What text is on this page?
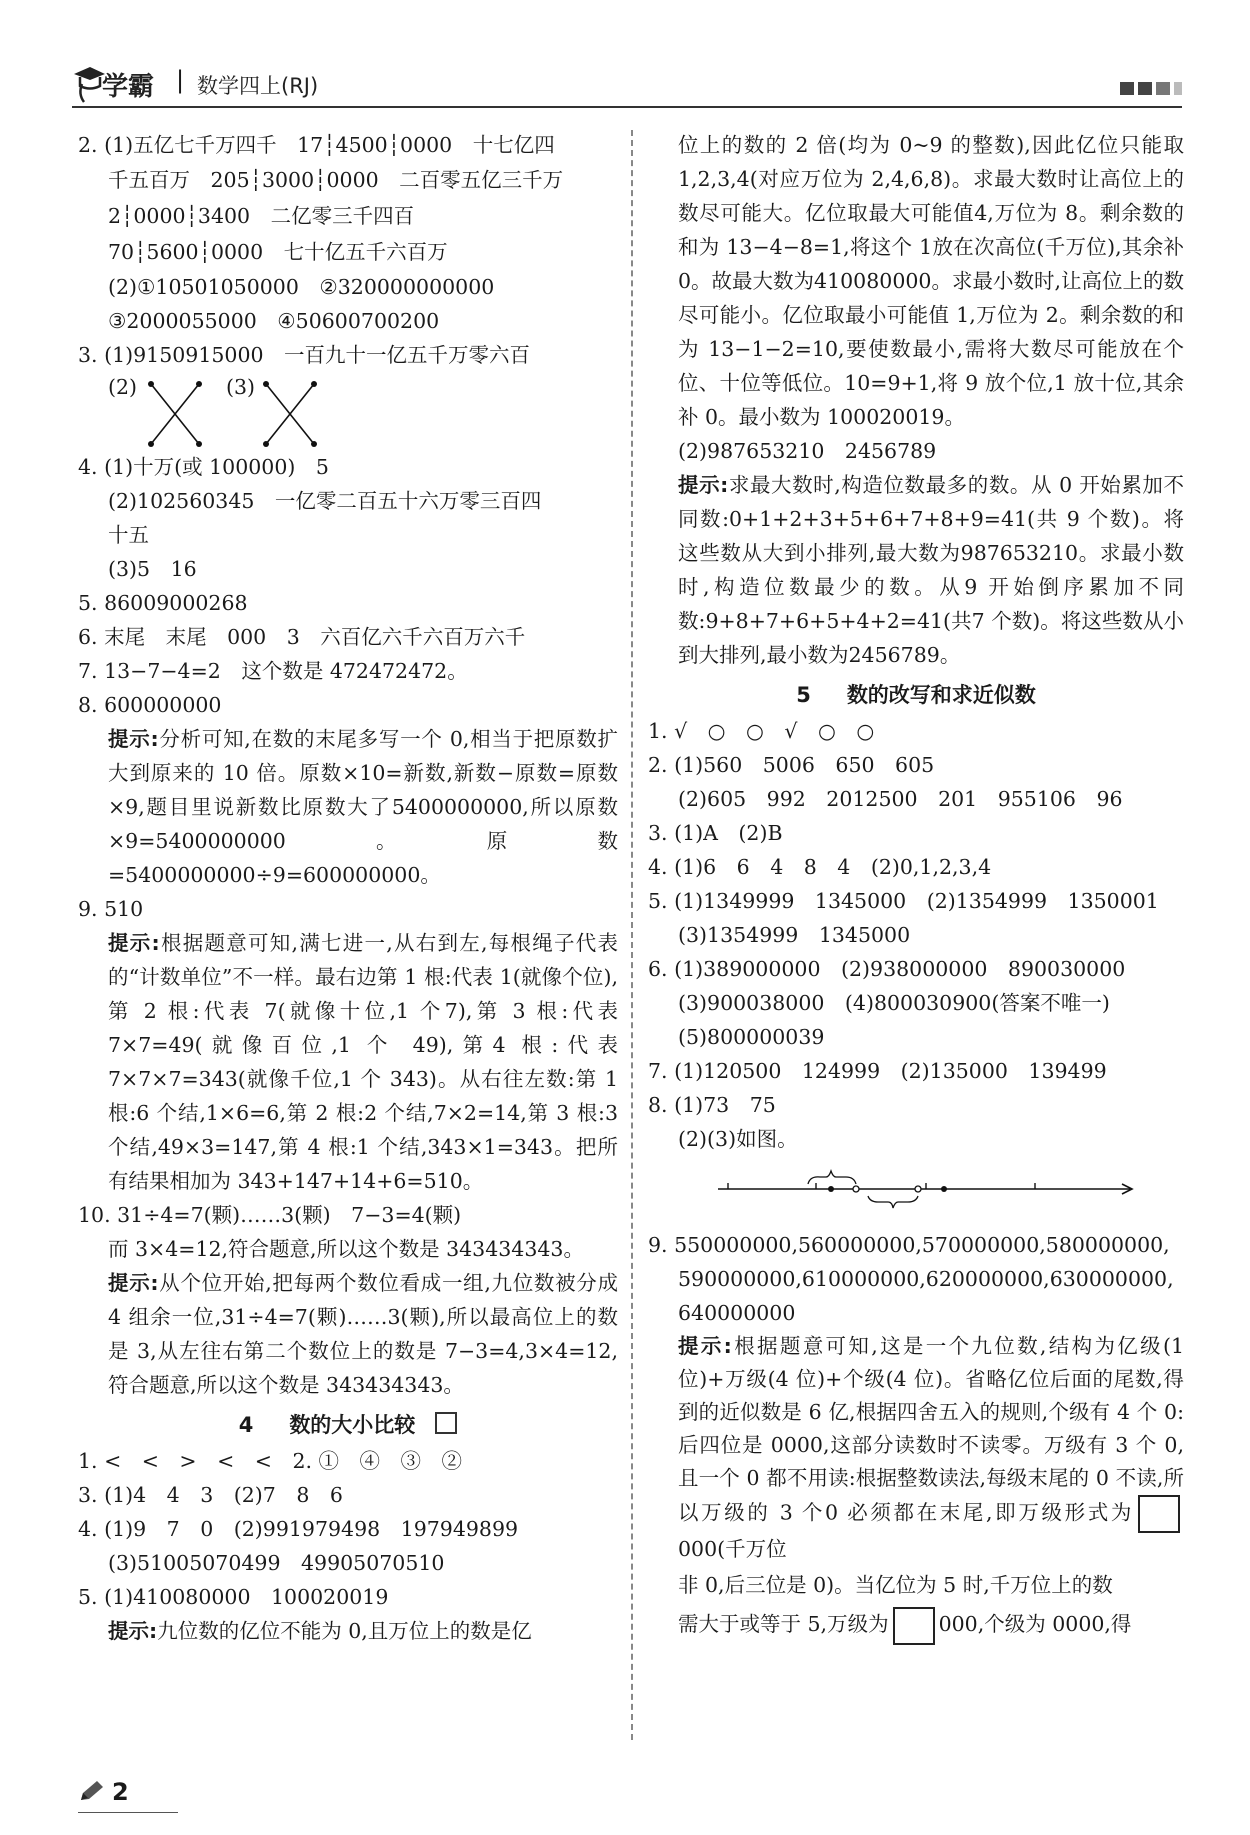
学霸 | 数学四上(RJ)
2. (1)五亿七千万四千　17┆4500┆0000　十七亿四
千五百万　205┆3000┆0000　二百零五亿三千万
2┆0000┆3400　二亿零三千四百
70┆5600┆0000　七十亿五千六百万
(2)①10501050000　②320000000000
③2000055000　④50600700200
3. (1)9150915000　一百九十一亿五千万零六百
(2)	(3)
4. (1)十万(或 100000)　5
(2)102560345　一亿零二百五十六万零三百四
十五
(3)5　16
5. 86009000268
6. 末尾　末尾　000　3　六百亿六千六百万六千
7. 13−7−4=2　这个数是 472472472。
8. 600000000
提示:分析可知,在数的末尾多写一个 0,相当于把原数扩大到原来的 10 倍。原数×10=新数,新数−原数=原数×9,题目里说新数比原数大了5400000000,所以原数×9=5400000000。原数=5400000000÷9=600000000。
9. 510
提示:根据题意可知,满七进一,从右到左,每根绳子代表的“计数单位”不一样。最右边第 1 根:代表 1(就像个位),第 2 根:代表 7(就像十位,1 个7),第 3 根:代表 7×7=49(就像百位,1 个 49),第4 根:代表 7×7×7=343(就像千位,1 个 343)。从右往左数:第 1 根:6 个结,1×6=6,第 2 根:2 个结,7×2=14,第 3 根:3 个结,49×3=147,第 4 根:1 个结,343×1=343。把所有结果相加为 343+147+14+6=510。
10. 31÷4=7(颗)……3(颗)　7−3=4(颗)
而 3×4=12,符合题意,所以这个数是 343434343。
提示:从个位开始,把每两个数位看成一组,九位数被分成 4 组余一位,31÷4=7(颗)……3(颗),所以最高位上的数是 3,从左往右第二个数位上的数是 7−3=4,3×4=12,符合题意,所以这个数是 343434343。
4 数的大小比较
1. <　<　>　<　<　2. ①　④　③　②
3. (1)4　4　3　(2)7　8　6
4. (1)9　7　0　(2)991979498　197949899
(3)51005070499　49905070510
5. (1)410080000　100020019
提示:九位数的亿位不能为 0,且万位上的数是亿
位上的数的 2 倍(均为 0~9 的整数),因此亿位只能取 1,2,3,4(对应万位为 2,4,6,8)。求最大数时让高位上的数尽可能大。亿位取最大可能值4,万位为 8。剩余数的和为 13−4−8=1,将这个 1放在次高位(千万位),其余补 0。故最大数为410080000。求最小数时,让高位上的数尽可能小。亿位取最小可能值 1,万位为 2。剩余数的和为 13−1−2=10,要使数最小,需将大数尽可能放在个位、十位等低位。10=9+1,将 9 放个位,1 放十位,其余补 0。最小数为 100020019。
(2)987653210　2456789
提示:求最大数时,构造位数最多的数。从 0 开始累加不同数:0+1+2+3+5+6+7+8+9=41(共 9 个数)。将这些数从大到小排列,最大数为987653210。求最小数时,构造位数最少的数。从9 开始倒序累加不同数:9+8+7+6+5+4+2=41(共7 个数)。将这些数从小到大排列,最小数为2456789。
5 数的改写和求近似数
1. √　○　○　√　○　○
2. (1)560　5006　650　605
(2)605　992　2012500　201　955106　96
3. (1)A　(2)B
4. (1)6　6　4　8　4　(2)0,1,2,3,4
5. (1)1349999　1345000　(2)1354999　1350001
(3)1354999　1345000
6. (1)389000000　(2)938000000　890030000
(3)900038000　(4)800030900(答案不唯一)
(5)800000039
7. (1)120500　124999　(2)135000　139499
8. (1)73　75
(2)(3)如图。
9. 550000000,560000000,570000000,580000000,
590000000,610000000,620000000,630000000,
640000000
提示:根据题意可知,这是一个九位数,结构为亿级(1 位)+万级(4 位)+个级(4 位)。省略亿位后面的尾数,得到的近似数是 6 亿,根据四舍五入的规则,个级有 4 个 0:后四位是 0000,这部分读数时不读零。万级有 3 个 0,且一个 0 都不用读:根据整数读法,每级末尾的 0 不读,所以万级的 3 个0 必须都在末尾,即万级形式为000(千万位
非 0,后三位是 0)。当亿位为 5 时,千万位上的数
需大于或等于 5,万级为 000,个级为 0000,得
2
